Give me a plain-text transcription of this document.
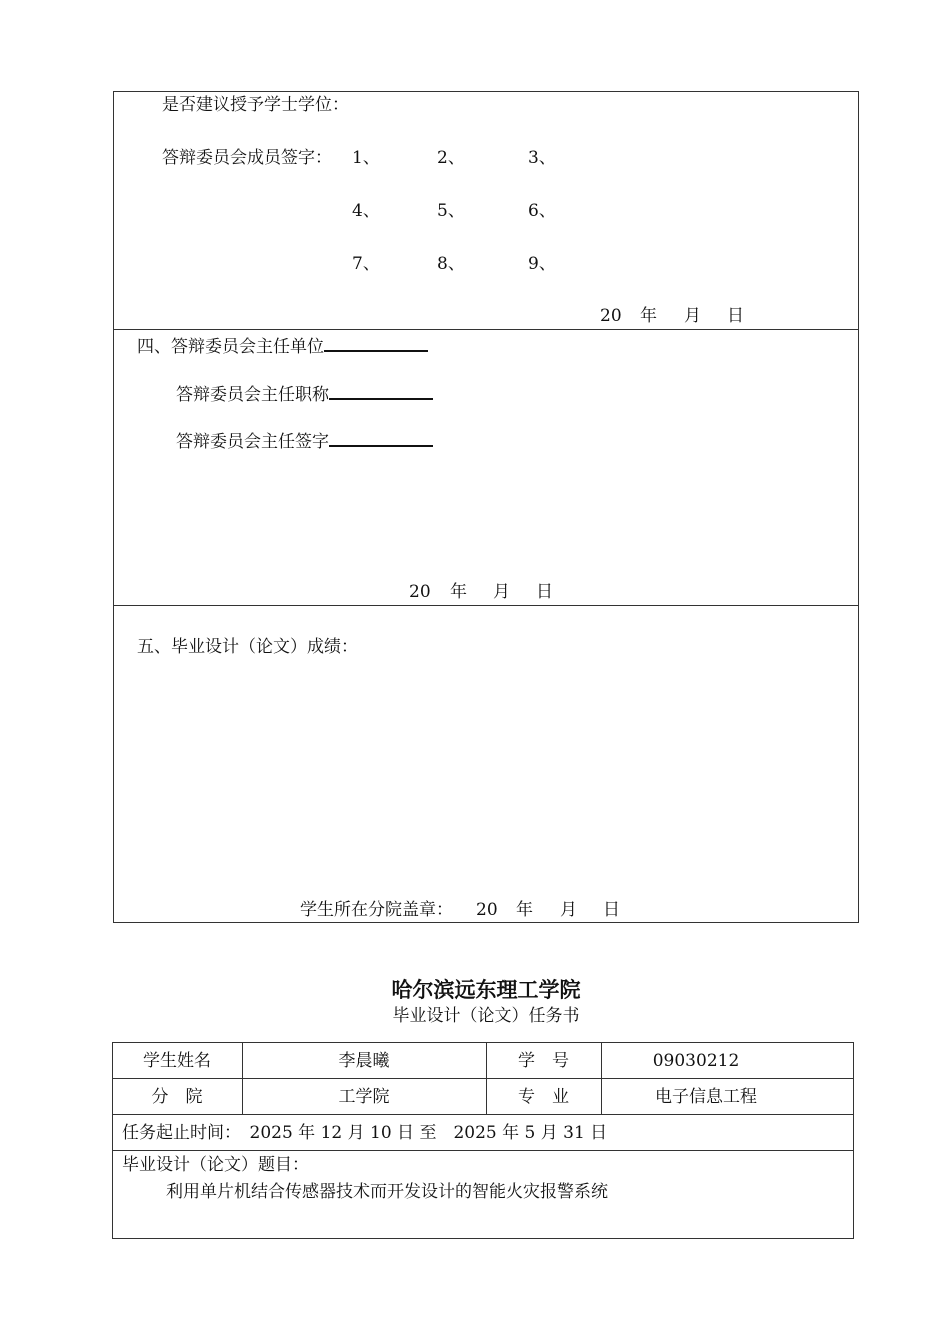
是否建议授予学士学位：
答辩委员会成员签字： 1、	2、	3、
4、	5、	6、
7、	8、	9、
20 年 月 日
四、答辩委员会主任单位
答辩委员会主任职称
答辩委员会主任签字
20 年 月 日
五、毕业设计（论文）成绩：
学生所在分院盖章： 20 年 月 日
哈尔滨远东理工学院
毕业设计（论文）任务书
学生姓名	李晨曦	学　号	09030212
分　院	工学院	专　业	电子信息工程
任务起止时间：　2025 年 12 月 10 日 至　2025 年 5 月 31 日
毕业设计（论文）题目：
利用单片机结合传感器技术而开发设计的智能火灾报警系统
